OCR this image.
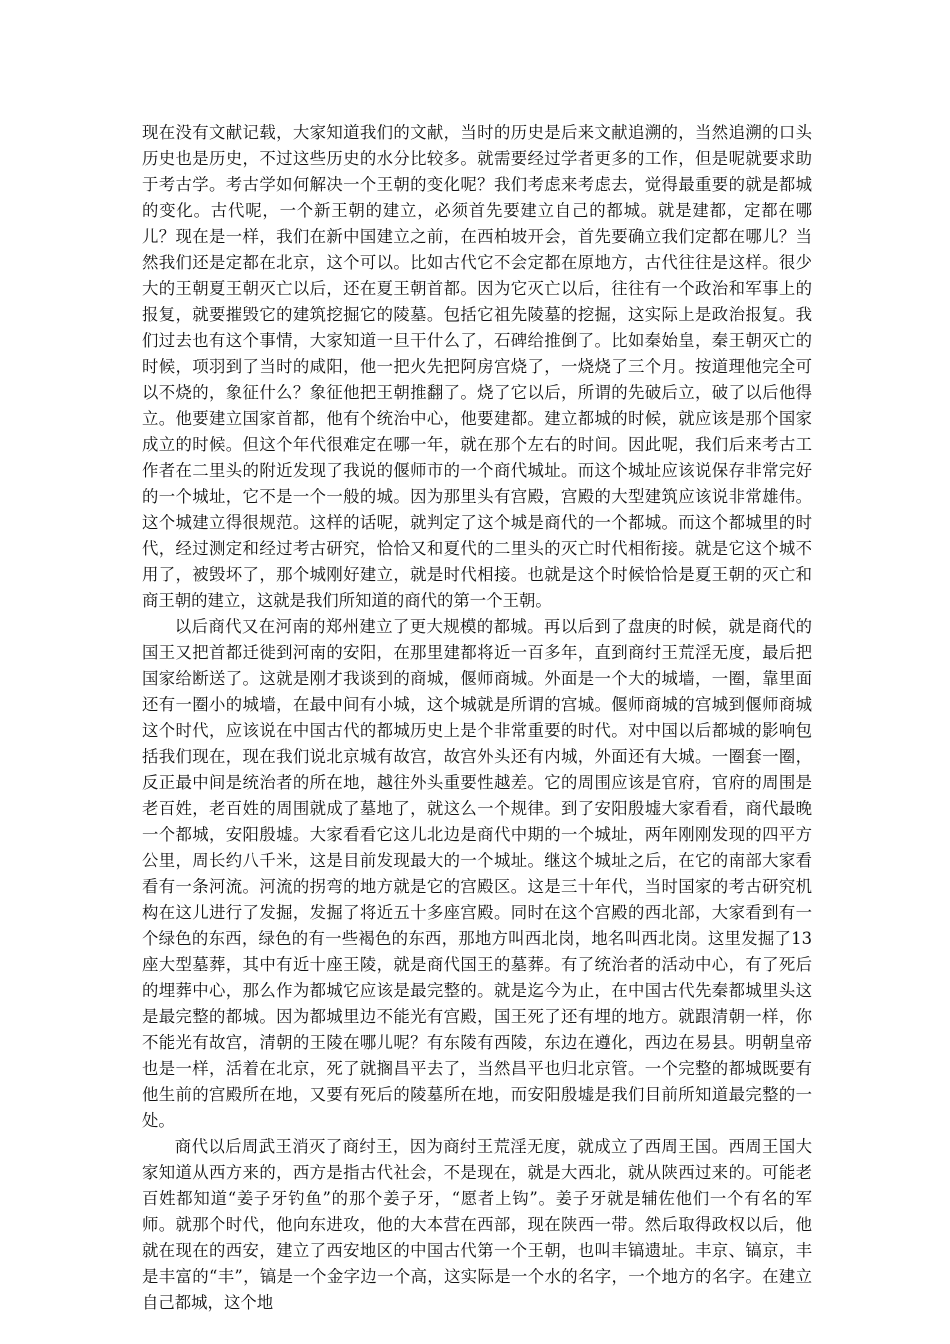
现在没有文献记载，大家知道我们的文献，当时的历史是后来文献追溯的，当然追溯的口头历史也是历史，不过这些历史的水分比较多。就需要经过学者更多的工作，但是呢就要求助于考古学。考古学如何解决一个王朝的变化呢？我们考虑来考虑去，觉得最重要的就是都城的变化。古代呢，一个新王朝的建立，必须首先要建立自己的都城。就是建都，定都在哪儿？现在是一样，我们在新中国建立之前，在西柏坡开会，首先要确立我们定都在哪儿？当然我们还是定都在北京，这个可以。比如古代它不会定都在原地方，古代往往是这样。很少大的王朝夏王朝灭亡以后，还在夏王朝首都。因为它灭亡以后，往往有一个政治和军事上的报复，就要摧毁它的建筑挖掘它的陵墓。包括它祖先陵墓的挖掘，这实际上是政治报复。我们过去也有这个事情，大家知道一旦干什么了，石碑给推倒了。比如秦始皇，秦王朝灭亡的时候，项羽到了当时的咸阳，他一把火先把阿房宫烧了，一烧烧了三个月。按道理他完全可以不烧的，象征什么？象征他把王朝推翻了。烧了它以后，所谓的先破后立，破了以后他得立。他要建立国家首都，他有个统治中心，他要建都。建立都城的时候，就应该是那个国家成立的时候。但这个年代很难定在哪一年，就在那个左右的时间。因此呢，我们后来考古工作者在二里头的附近发现了我说的偃师市的一个商代城址。而这个城址应该说保存非常完好的一个城址，它不是一个一般的城。因为那里头有宫殿，宫殿的大型建筑应该说非常雄伟。这个城建立得很规范。这样的话呢，就判定了这个城是商代的一个都城。而这个都城里的时代，经过测定和经过考古研究，恰恰又和夏代的二里头的灭亡时代相衔接。就是它这个城不用了，被毁坏了，那个城刚好建立，就是时代相接。也就是这个时候恰恰是夏王朝的灭亡和商王朝的建立，这就是我们所知道的商代的第一个王朝。

以后商代又在河南的郑州建立了更大规模的都城。再以后到了盘庚的时候，就是商代的国王又把首都迁徙到河南的安阳，在那里建都将近一百多年，直到商纣王荒淫无度，最后把国家给断送了。这就是刚才我谈到的商城，偃师商城。外面是一个大的城墙，一圈，靠里面还有一圈小的城墙，在最中间有小城，这个城就是所谓的宫城。偃师商城的宫城到偃师商城这个时代，应该说在中国古代的都城历史上是个非常重要的时代。对中国以后都城的影响包括我们现在，现在我们说北京城有故宫，故宫外头还有内城，外面还有大城。一圈套一圈，反正最中间是统治者的所在地，越往外头重要性越差。它的周围应该是官府，官府的周围是老百姓，老百姓的周围就成了墓地了，就这么一个规律。到了安阳殷墟大家看看，商代最晚一个都城，安阳殷墟。大家看看它这儿北边是商代中期的一个城址，两年刚刚发现的四平方公里，周长约八千米，这是目前发现最大的一个城址。继这个城址之后，在它的南部大家看看有一条河流。河流的拐弯的地方就是它的宫殿区。这是三十年代，当时国家的考古研究机构在这儿进行了发掘，发掘了将近五十多座宫殿。同时在这个宫殿的西北部，大家看到有一个绿色的东西，绿色的有一些褐色的东西，那地方叫西北岗，地名叫西北岗。这里发掘了13座大型墓葬，其中有近十座王陵，就是商代国王的墓葬。有了统治者的活动中心，有了死后的埋葬中心，那么作为都城它应该是最完整的。就是迄今为止，在中国古代先秦都城里头这是最完整的都城。因为都城里边不能光有宫殿，国王死了还有埋的地方。就跟清朝一样，你不能光有故宫，清朝的王陵在哪儿呢？有东陵有西陵，东边在遵化，西边在易县。明朝皇帝也是一样，活着在北京，死了就搁昌平去了，当然昌平也归北京管。一个完整的都城既要有他生前的宫殿所在地，又要有死后的陵墓所在地，而安阳殷墟是我们目前所知道最完整的一处。

商代以后周武王消灭了商纣王，因为商纣王荒淫无度，就成立了西周王国。西周王国大家知道从西方来的，西方是指古代社会，不是现在，就是大西北，就从陕西过来的。可能老百姓都知道“姜子牙钓鱼”的那个姜子牙，“愿者上钩”。姜子牙就是辅佐他们一个有名的军师。就那个时代，他向东进攻，他的大本营在西部，现在陕西一带。然后取得政权以后，他就在现在的西安，建立了西安地区的中国古代第一个王朝，也叫丰镐遗址。丰京、镐京，丰是丰富的“丰”，镐是一个金字边一个高，这实际是一个水的名字，一个地方的名字。在建立自己都城，这个地
